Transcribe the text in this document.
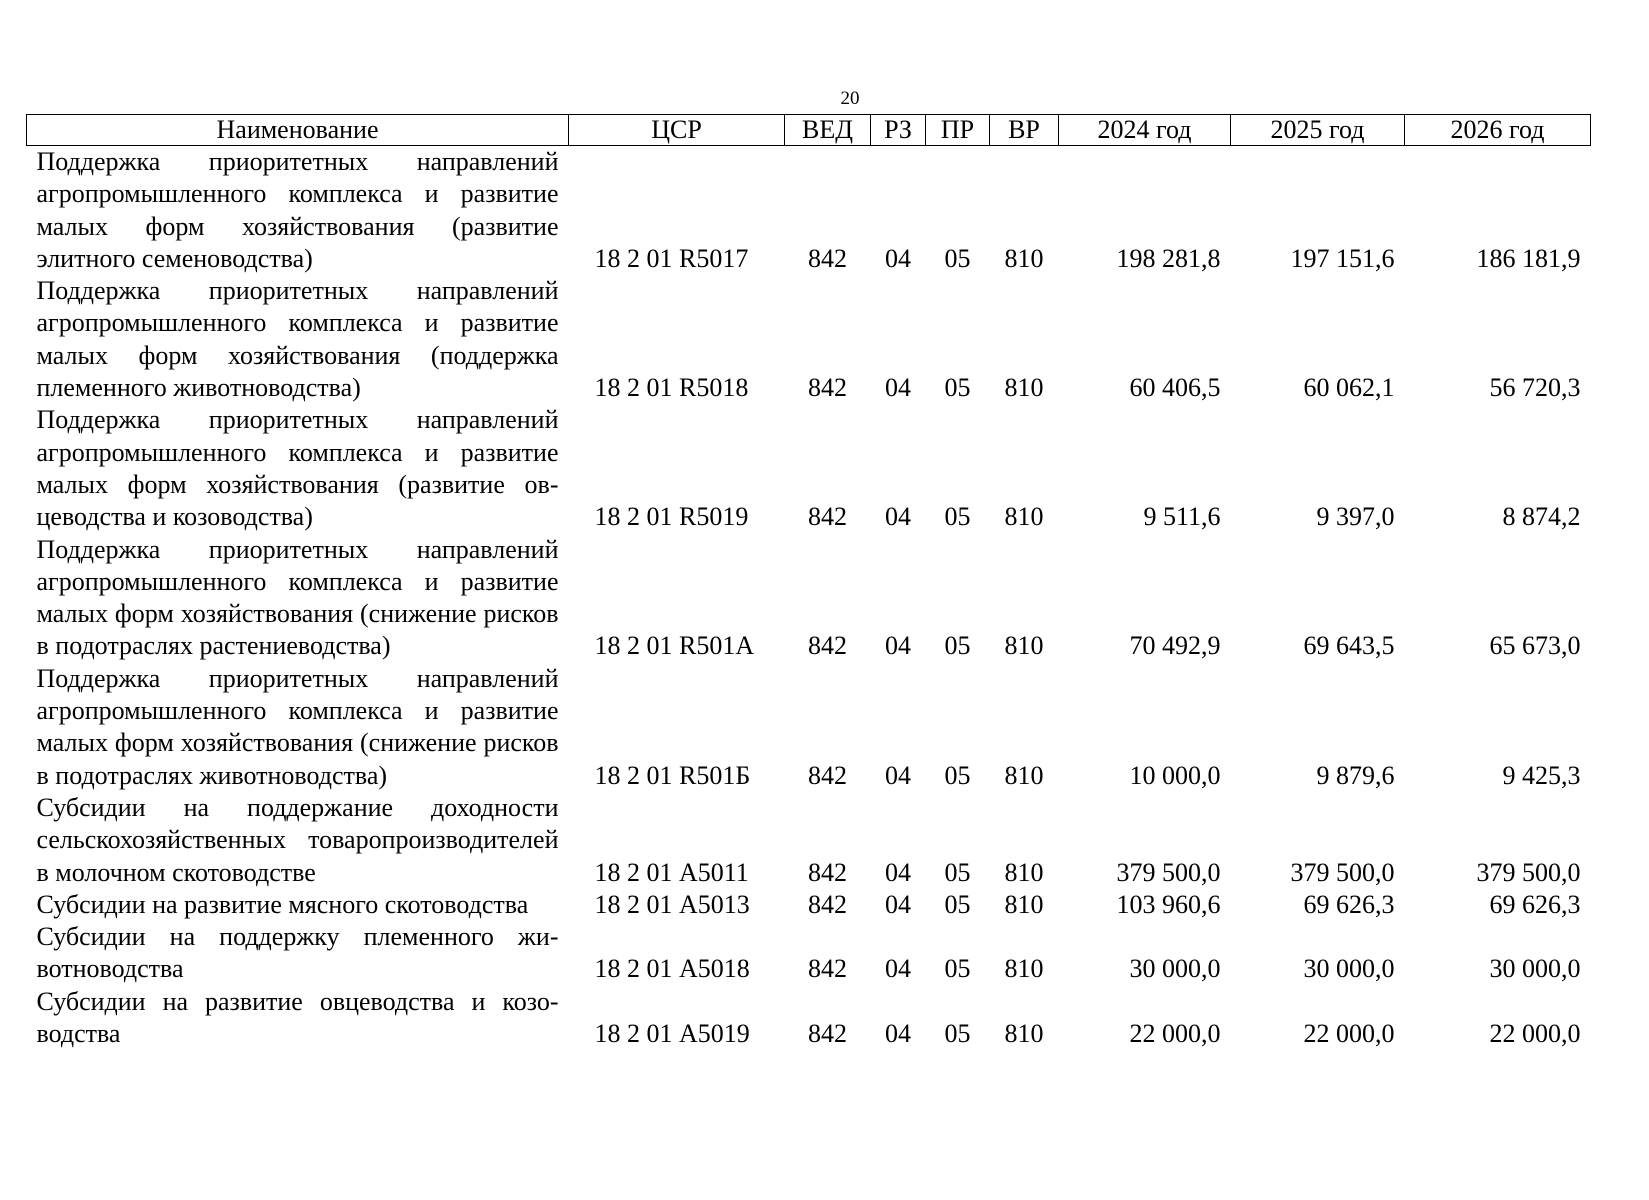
20
Наименование	ЦСР	ВЕД	РЗ	ПР	ВР	2024 год	2025 год	2026 год
Поддержка приоритетных направлений агропромышленного комплекса и развитие малых форм хозяйствования (развитие элитного семеноводства)	18 2 01 R5017	842	04	05	810	198 281,8	197 151,6	186 181,9
Поддержка приоритетных направлений агропромышленного комплекса и развитие малых форм хозяйствования (поддержка племенного животноводства)	18 2 01 R5018	842	04	05	810	60 406,5	60 062,1	56 720,3
Поддержка приоритетных направлений агропромышленного комплекса и развитие малых форм хозяйствования (развитие овцеводства и козоводства)	18 2 01 R5019	842	04	05	810	9 511,6	9 397,0	8 874,2
Поддержка приоритетных направлений агропромышленного комплекса и развитие малых форм хозяйствования (снижение рисков в подотраслях растениеводства)	18 2 01 R501А	842	04	05	810	70 492,9	69 643,5	65 673,0
Поддержка приоритетных направлений агропромышленного комплекса и развитие малых форм хозяйствования (снижение рисков в подотраслях животноводства)	18 2 01 R501Б	842	04	05	810	10 000,0	9 879,6	9 425,3
Субсидии на поддержание доходности сельскохозяйственных товаропроизводителей в молочном скотоводстве	18 2 01 А5011	842	04	05	810	379 500,0	379 500,0	379 500,0
Субсидии на развитие мясного скотоводства	18 2 01 А5013	842	04	05	810	103 960,6	69 626,3	69 626,3
Субсидии на поддержку племенного животноводства	18 2 01 А5018	842	04	05	810	30 000,0	30 000,0	30 000,0
Субсидии на развитие овцеводства и козоводства	18 2 01 А5019	842	04	05	810	22 000,0	22 000,0	22 000,0
